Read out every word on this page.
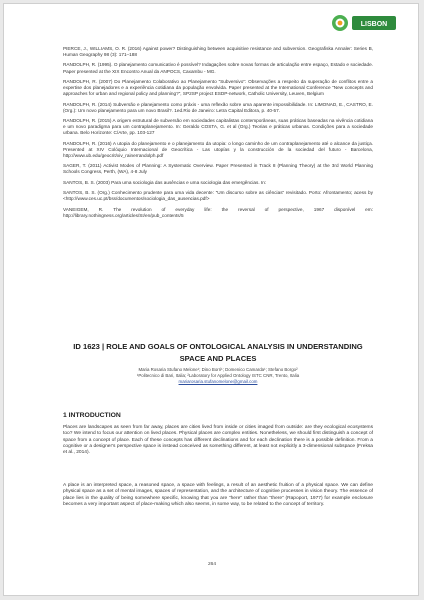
LISBON

PIERCE, J., WILLIAMS, O. R. (2016) Against power? Distinguishing between acquisitive resistance and subversion. Geografiska Annaler: Series B, Human Geography 98 (3): 171–188

RANDOLPH, R. (1995). O planejamento comunicativo é possível? Indagações sobre novas formas de articulação entre espaço, Estado e sociedade. Paper presented at the XIX Encontro Anual da ANPOCS, Caxambu - MG.

RANDOLPH, R. (2007) Do Planejamento Colaborativo ao Planejamento “Subversivo”: Observações a respeito da superação de conflitos entre a expertise dos planejadores e a experiência cotidiana da população envolvida. Paper presented at the International Conference “New concepts and approaches for urban and regional policy and planning?”, SP2SP project ESDP-network, Catholic University, Leuven, Belgium

RANDOLPH, R. (2014) Subversão e planejamento como práxis - uma reflexão sobre uma aparente impossibilidade. In: LIMONAD, E., CASTRO, E. (Org.): Um novo planejamento para um novo Brasil?. 1ed.Rio de Janeiro: Letra Capital Editora, p. 40-57.

RANDOLPH, R. (2015) A origem estrutural de subversão em sociedades capitalistas contemporâneas, suas práticas baseadas na vivência cotidiana e um novo paradigma para um contraplanejamento. In: Geraldo COSTA, G. et al (Org.) Teorias e práticas urbanas. Condições para a sociedade urbana. Belo Horizonte: C/Arte, pp. 103-127

RANDOLPH, R. (2016) A utopia do planejamento e o planejamento da utopia: o longo caminho de um contraplanejamento até o alcance da justiça. Presented at XIV Colóquio Internacional de Geocrítica - Las utopías y la construcción de la sociedad del futuro - Barcelona, http://www.ub.edu/geocrit/xiv_rainerrandolph.pdf

SAGER, T. (2011) Activist Modes of Planning: A Systematic Overview. Paper Presented in Track 8 (Planning Theory) at the 3rd World Planning Schools Congress, Perth, (WA), 4-8 July

SANTOS, B. S. (2003) Para uma sociologia das ausências e uma sociologia das emergências. In:

SANTOS, B. S. (Org.) Conhecimento prudente para uma vida decente: “Um discurso sobre as ciências” revisitado. Porto: Afrontamento; acess by <http://www.ces.uc.pt/bss/documentos/sociologia_das_ausencias.pdf>

VANEIGEM, R. The revolution of everyday life: the reversal of perspective, 1967 disponível em: http://library.nothingness.org/articles/SI/en/pub_contents/5

ID 1623 | ROLE AND GOALS OF ONTOLOGICAL ANALYSIS IN UNDERSTANDING SPACE AND PLACES
Maria Rosaria Stufano Melone¹; Dino Borri¹; Domenico Camarda¹; Stefano Borgo²
¹Politecnico di Bari, Italia; ²Laboratory for Applied Ontology ISTC CNR, Trento, Italia
mariarosaria.stufanomelone@gmail.com
1 INTRODUCTION

Places are landscapes as seen from far away, places are cities lived from inside or cities imaged from outside: are they ecological ecosystems too? We intend to focus our attention on lived places. Physical places are complex entities. Nonetheless, we should first distinguish a concept of space from a concept of place. Each of these concepts has different declinations and for each declination there is a possible definition. From a cognitive or a designer's perspective space is instead conceived as something different, at least not explicitly a 3-dimensional subspace (Freksa et al., 2014).

A place is an interpreted space, a reasoned space, a space with feelings, a result of an aesthetic fruition of a physical space. We can define physical space as a set of mental images, spaces of representation, and the architecture of cognitive processes in vision theory. The essence of place lies in the quality of being somewhere specific, knowing that you are “here” rather than “there” (Rapoport, 1977) for example enclosure becomes a very important aspect of place-making which also seems, in some way, to be related to the concept of territory.

264
